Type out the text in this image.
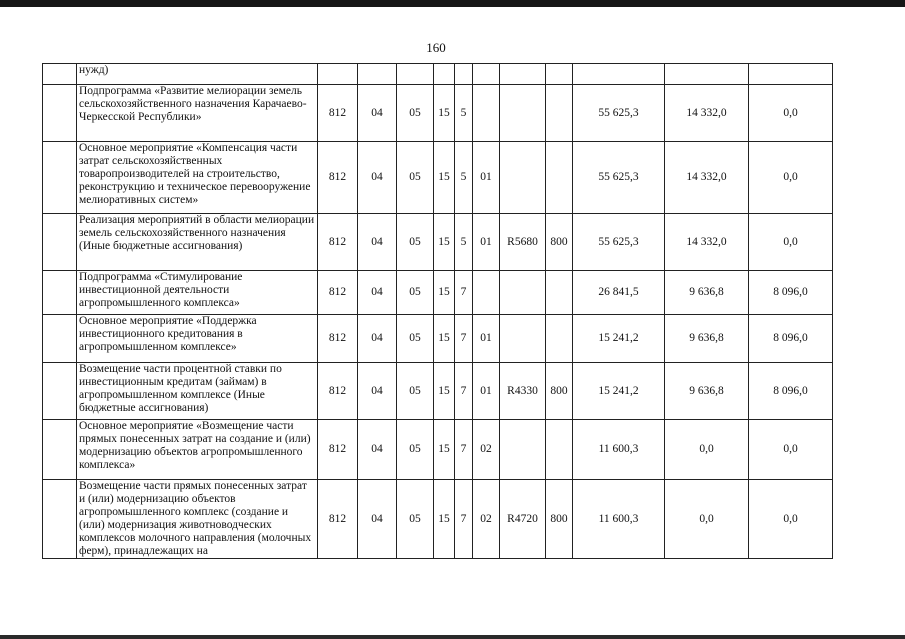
160
	нужд)											
	Подпрограмма «Развитие мелиорации земель сельскохозяйственного назначения Карачаево-Черкесской Республики»	812	04	05	15	5				55 625,3	14 332,0	0,0
	Основное мероприятие «Компенсация части затрат сельскохозяйственных товаропроизводителей на строительство, реконструкцию и техническое перевооружение мелиоративных систем»	812	04	05	15	5	01			55 625,3	14 332,0	0,0
	Реализация мероприятий в области мелиорации земель сельскохозяйственного назначения (Иные бюджетные ассигнования)	812	04	05	15	5	01	R5680	800	55 625,3	14 332,0	0,0
	Подпрограмма «Стимулирование инвестиционной деятельности агропромышленного комплекса»	812	04	05	15	7				26 841,5	9 636,8	8 096,0
	Основное мероприятие «Поддержка инвестиционного кредитования в агропромышленном комплексе»	812	04	05	15	7	01			15 241,2	9 636,8	8 096,0
	Возмещение части процентной ставки по инвестиционным кредитам (займам) в агропромышленном комплексе (Иные бюджетные ассигнования)	812	04	05	15	7	01	R4330	800	15 241,2	9 636,8	8 096,0
	Основное мероприятие «Возмещение части прямых понесенных затрат на создание и (или) модернизацию объектов агропромышленного комплекса»	812	04	05	15	7	02			11 600,3	0,0	0,0
	Возмещение части прямых понесенных затрат и (или) модернизацию объектов агропромышленного комплекс (создание и (или) модернизация животноводческих комплексов молочного направления (молочных ферм), принадлежащих на	812	04	05	15	7	02	R4720	800	11 600,3	0,0	0,0
